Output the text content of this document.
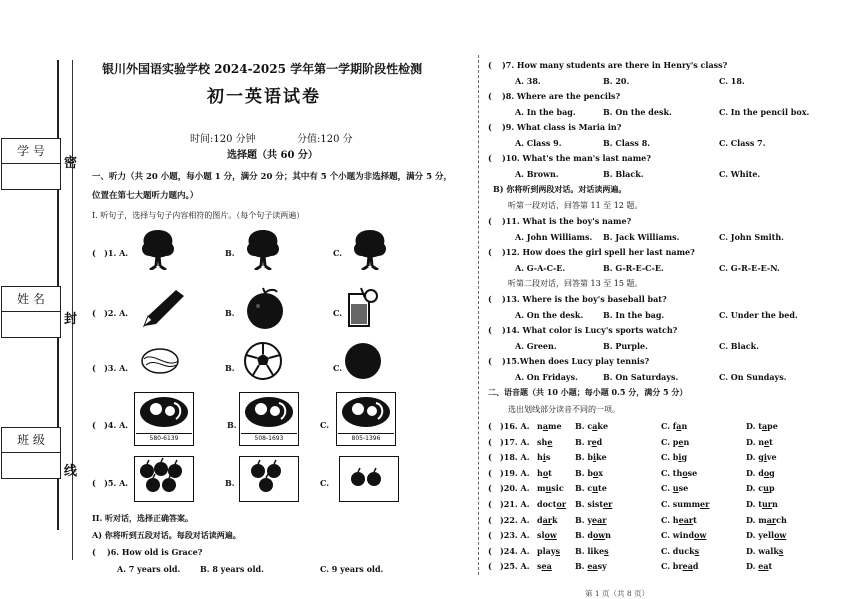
学 号
姓 名
班 级
密
封
线
银川外国语实验学校 2024-2025 学年第一学期阶段性检测
初一英语试卷
时间:120 分钟	分值:120 分
选择题（共 60 分）
一、听力（共 20 小题，每小题 1 分，满分 20 分；其中有 5 个小题为非选择题，满分 5 分，
位置在第七大题听力题内。）
I. 听句子，选择与句子内容相符的图片。（每个句子读两遍）
(   )1. A.	B.	C.
(   )2. A.	B.	C.
(   )3. A.	B.	C.
(   )4. A.	B.	C.
580-6139	508-1693	805-1396
(   )5. A.	B.	C.
II. 听对话，选择正确答案。
A) 你将听到五段对话。每段对话读两遍。
(    )6. How old is Grace?
A. 7 years old. B. 8 years old.	C. 9 years old.
( )7. How many students are there in Henry's class?
A. 38.	B. 20.	C. 18.
( )8. Where are the pencils?
A. In the bag.	B. On the desk.	C. In the pencil box.
( )9. What class is Maria in?
A. Class 9.	B. Class 8.	C. Class 7.
( )10. What's the man's last name?
A. Brown.	B. Black.	C. White.
B) 你将听到两段对话。对话读两遍。
听第一段对话，回答第 11 至 12 题。
( )11. What is the boy's name?
A. John Williams. B. Jack Williams.	C. John Smith.
( )12. How does the girl spell her last name?
A. G-A-C-E.	B. G-R-E-C-E.	C. G-R-E-E-N.
听第二段对话，回答第 13 至 15 题。
( )13. Where is the boy's baseball bat?
A. On the desk. B. In the bag.	C. Under the bed.
( )14. What color is Lucy's sports watch?
A. Green.	B. Purple.	C. Black.
( )15.When does Lucy play tennis?
A. On Fridays.	B. On Saturdays.	C. On Sundays.
二、语音题（共 10 小题；每小题 0.5 分，满分 5 分）
选出划线部分读音不同的一项。
( )16. A. name B. cake	C. fan	D. tape
( )17. A. she	B. red	C. pen	D. net
( )18. A. his	B. bike	C. big	D. give
( )19. A. hot	B. box	C. those	D. dog
( )20. A. music B. cute	C. use	D. cup
( )21. A. doctor B. sister	C. summer	D. turn
( )22. A. dark B. year	C. heart	D. march
( )23. A. slow B. down	C. window	D. yellow
( )24. A. plays B. likes	C. ducks	D. walks
( )25. A. sea	B. easy	C. bread	D. eat
第 1 页（共 8 页）
